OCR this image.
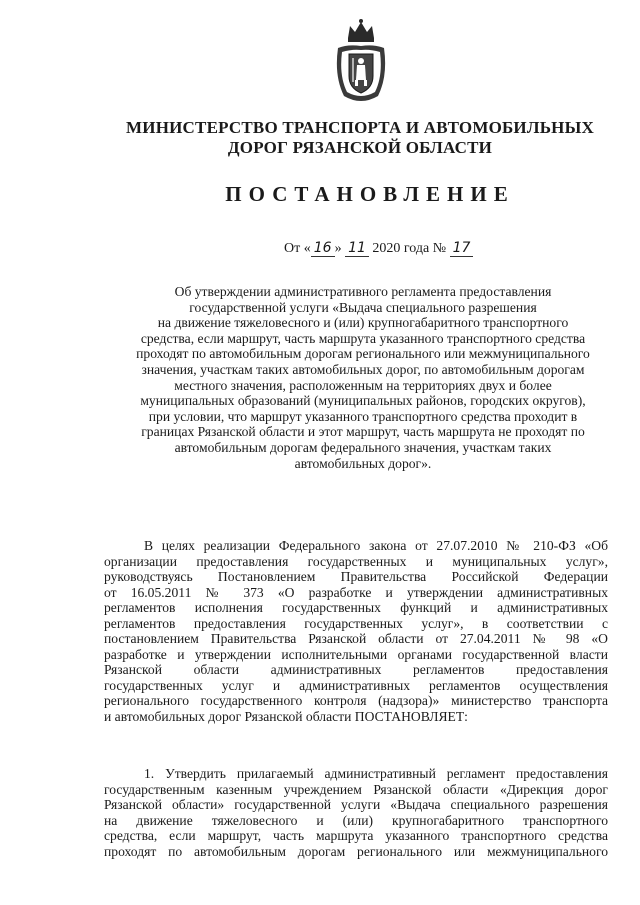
МИНИСТЕРСТВО ТРАНСПОРТА И АВТОМОБИЛЬНЫХ
ДОРОГ РЯЗАНСКОЙ ОБЛАСТИ
ПОСТАНОВЛЕНИЕ
От « 16 » 11 2020 года № 17
Об утверждении административного регламента предоставления
государственной услуги «Выдача специального разрешения
на движение тяжеловесного и (или) крупногабаритного транспортного
средства, если маршрут, часть маршрута указанного транспортного средства
проходят по автомобильным дорогам регионального или межмуниципального
значения, участкам таких автомобильных дорог, по автомобильным дорогам
местного значения, расположенным на территориях двух и более
муниципальных образований (муниципальных районов, городских округов),
при условии, что маршрут указанного транспортного средства проходит в
границах Рязанской области и этот маршрут, часть маршрута не проходят по
автомобильным дорогам федерального значения, участкам таких
автомобильных дорог».
В целях реализации Федерального закона от 27.07.2010 № 210-ФЗ «Об
организации предоставления государственных и муниципальных услуг»,
руководствуясь Постановлением Правительства Российской Федерации
от 16.05.2011 № 373 «О разработке и утверждении административных
регламентов исполнения государственных функций и административных
регламентов предоставления государственных услуг», в соответствии с
постановлением Правительства Рязанской области от 27.04.2011 № 98 «О
разработке и утверждении исполнительными органами государственной власти
Рязанской области административных регламентов предоставления
государственных услуг и административных регламентов осуществления
регионального государственного контроля (надзора)» министерство транспорта
и автомобильных дорог Рязанской области ПОСТАНОВЛЯЕТ:
1. Утвердить прилагаемый административный регламент предоставления
государственным казенным учреждением Рязанской области «Дирекция дорог
Рязанской области» государственной услуги «Выдача специального разрешения
на движение тяжеловесного и (или) крупногабаритного транспортного
средства, если маршрут, часть маршрута указанного транспортного средства
проходят по автомобильным дорогам регионального или межмуниципального
